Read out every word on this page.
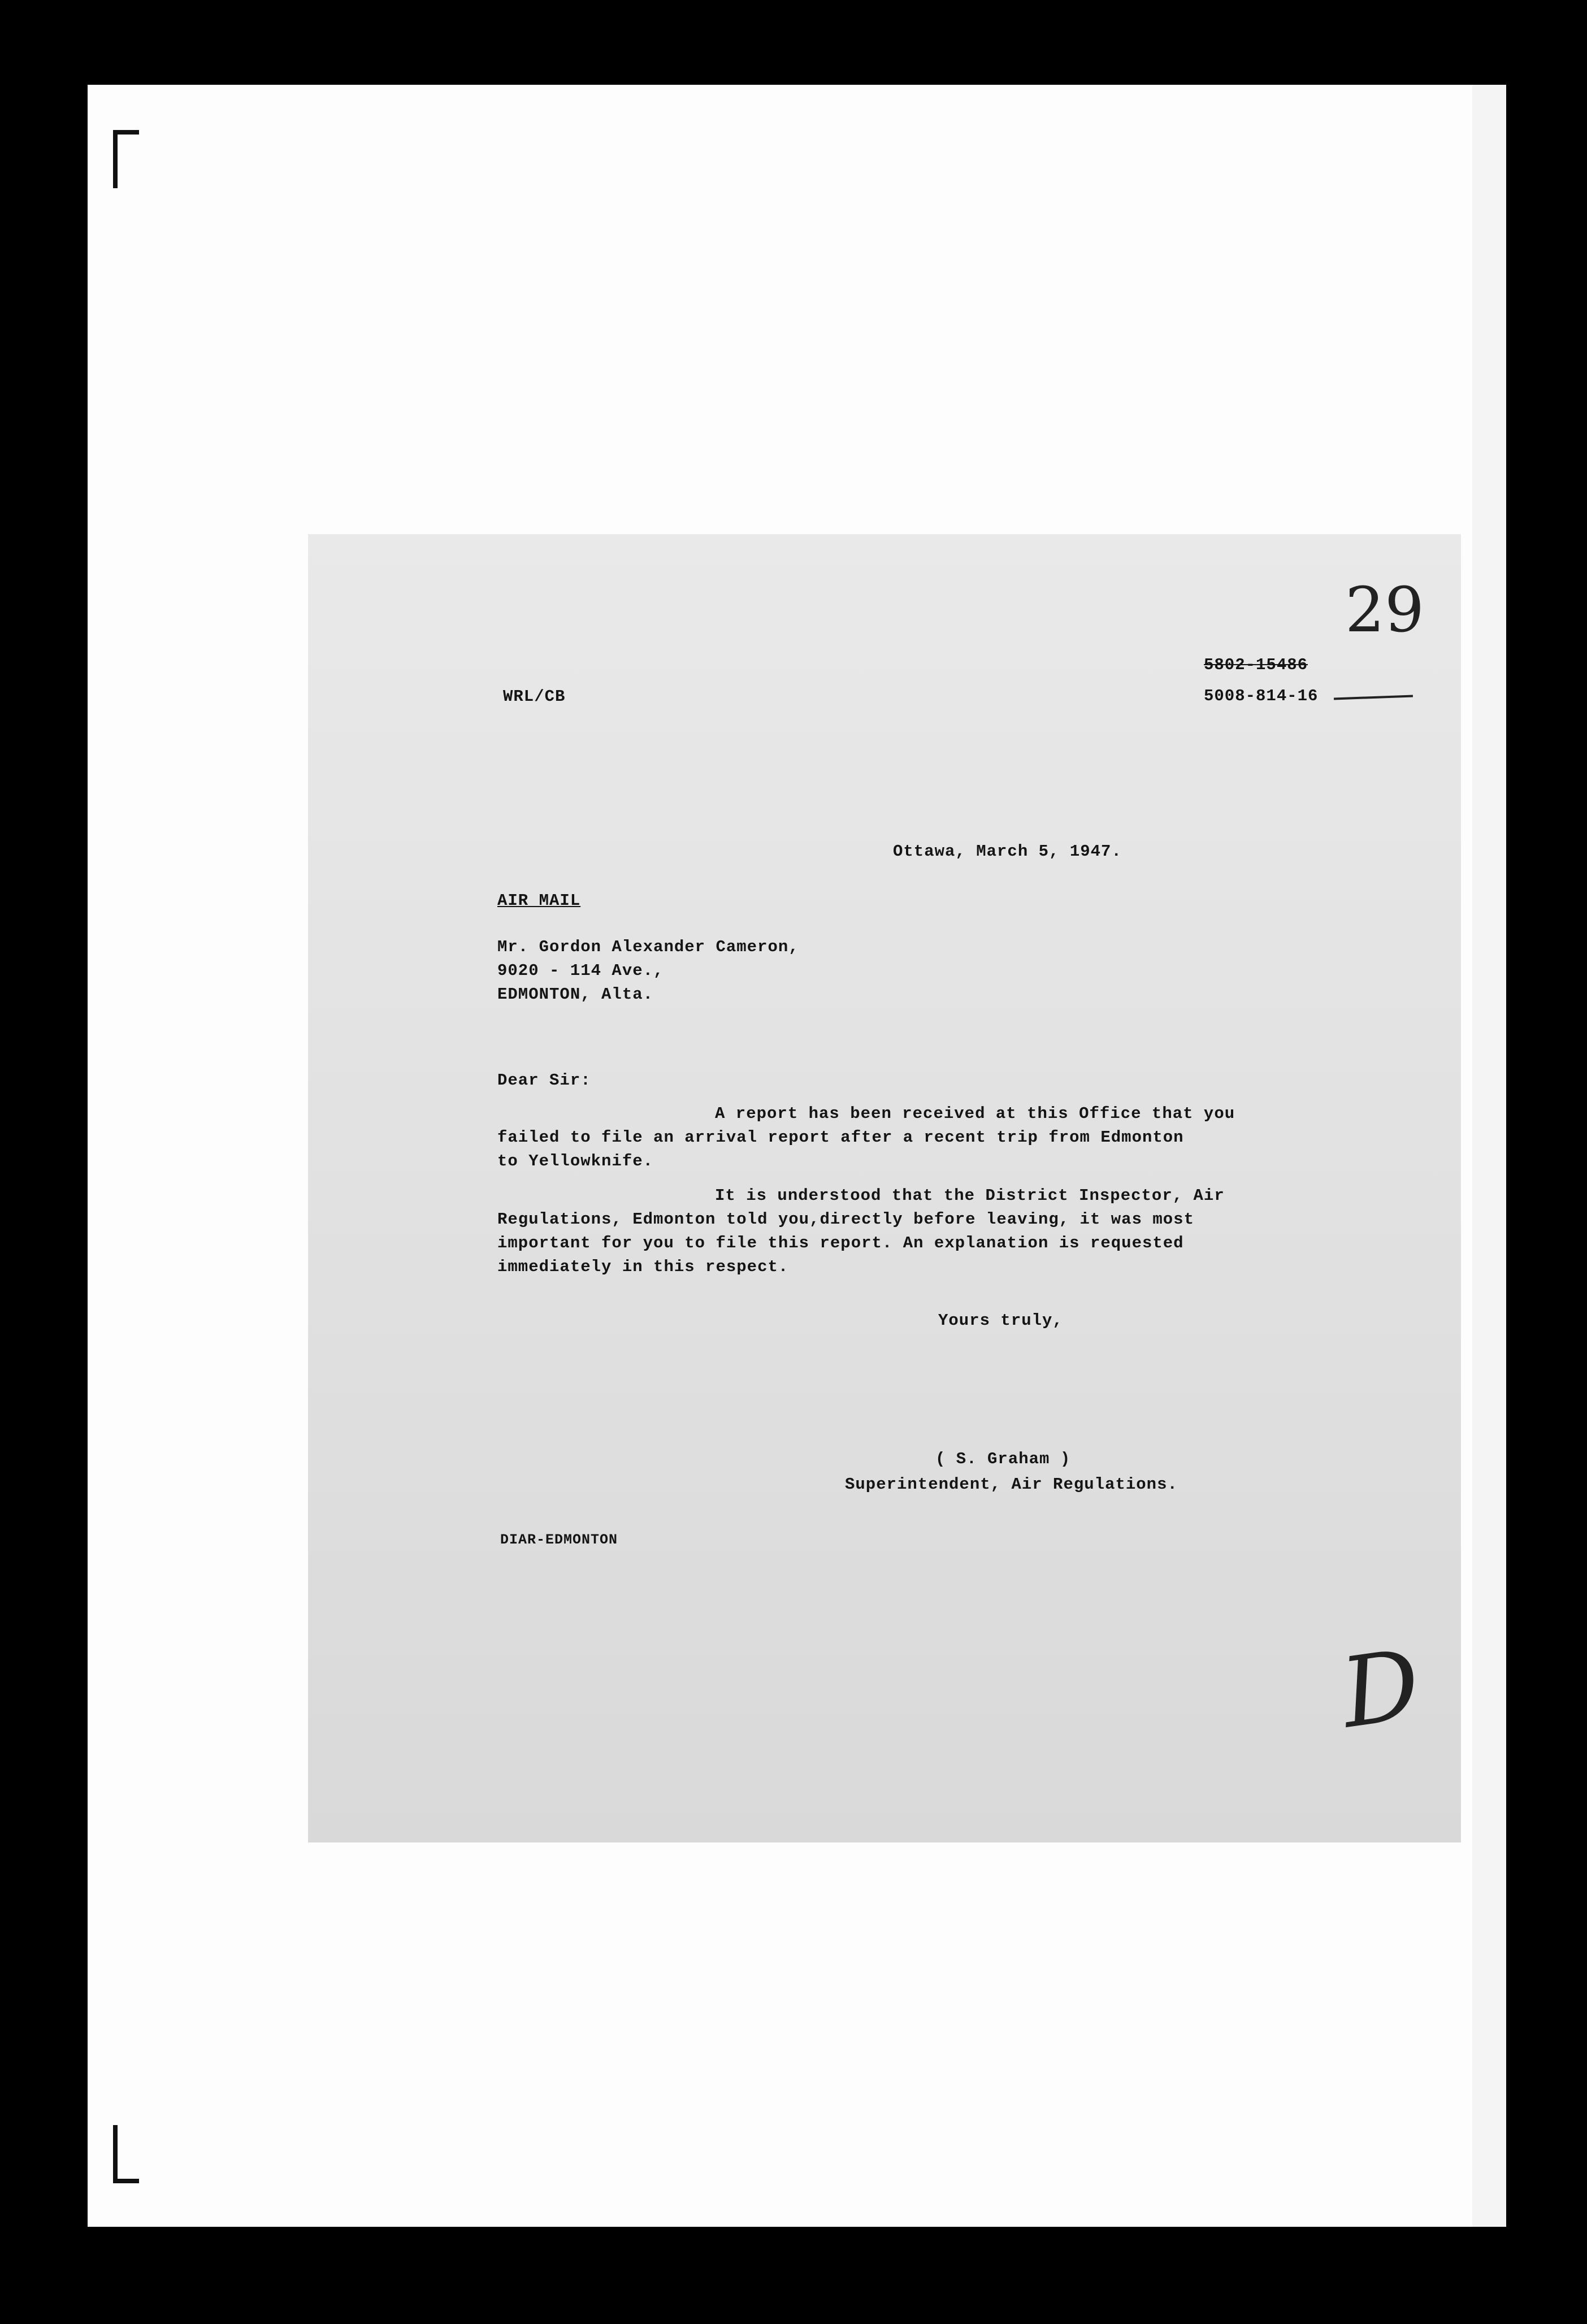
29
WRL/CB
5802-15486
5008-814-16
Ottawa, March 5, 1947.
AIR MAIL
Mr. Gordon Alexander Cameron,
9020 - 114 Ave.,
EDMONTON, Alta.
Dear Sir:
A report has been received at this Office that you
failed to file an arrival report after a recent trip from Edmonton
to Yellowknife.
It is understood that the District Inspector, Air
Regulations, Edmonton told you,directly before leaving, it was most
important for you to file this report. An explanation is requested
immediately in this respect.
Yours truly,
( S. Graham )
Superintendent, Air Regulations.
DIAR-EDMONTON
D
